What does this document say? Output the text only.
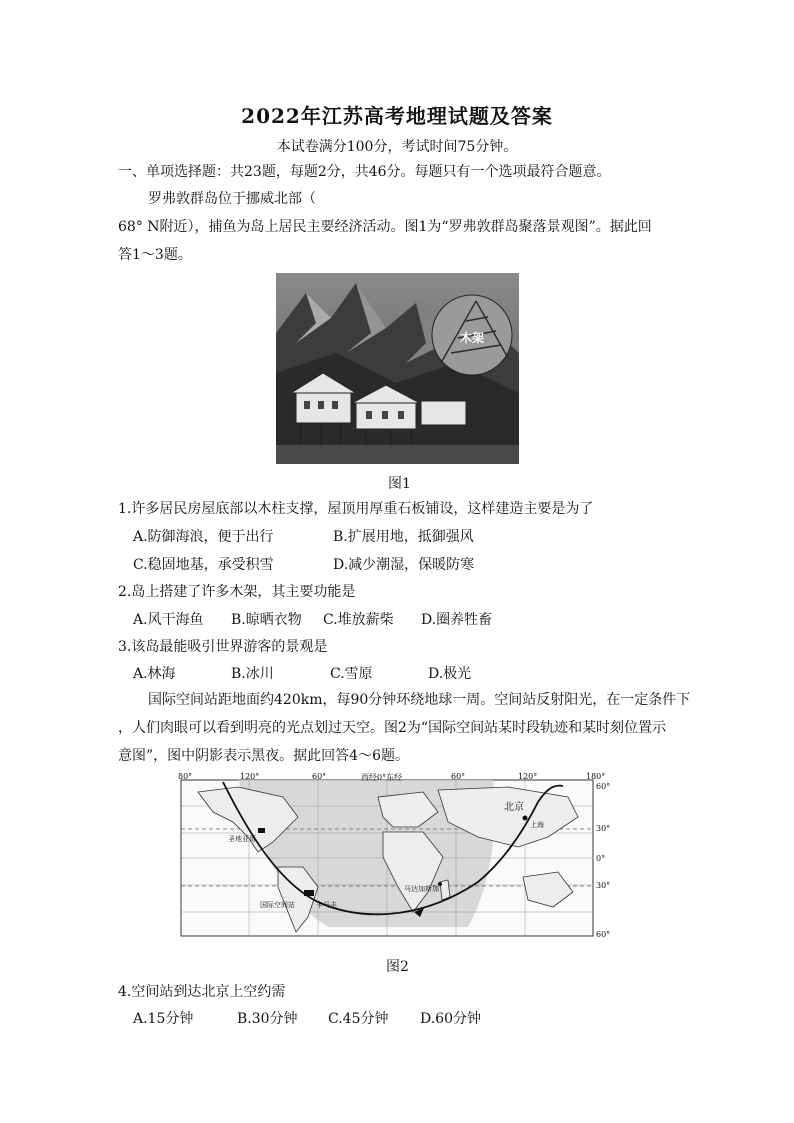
2022年江苏高考地理试题及答案
本试卷满分100分，考试时间75分钟。
一、单项选择题：共23题，每题2分，共46分。每题只有一个选项最符合题意。
罗弗敦群岛位于挪威北部（
68° N附近），捕鱼为岛上居民主要经济活动。图1为“罗弗敦群岛聚落景观图”。据此回
答1～3题。
木架
图1
1.许多居民房屋底部以木柱支撑，屋顶用厚重石板铺设，这样建造主要是为了
A.防御海浪，便于出行	B.扩展用地，抵御强风
C.稳固地基，承受积雪	D.减少潮湿，保暖防寒
2.岛上搭建了许多木架，其主要功能是
A.风干海鱼 B.晾晒衣物 C.堆放薪柴 D.圈养牲畜
3.该岛最能吸引世界游客的景观是
A.林海	B.冰川	C.雪原	D.极光
国际空间站距地面约420km，每90分钟环绕地球一周。空间站反射阳光，在一定条件下
，人们肉眼可以看到明亮的光点划过天空。图2为“国际空间站某时段轨迹和某时刻位置示
意图”，图中阴影表示黑夜。据此回答4～6题。
80°	120°	60°	西经0°东经	60°	120°	180°
60°
30°
0°
30°
60°
北京
上海
圣地亚哥
国际空间站	卡马圭
马达加斯加
图2
4.空间站到达北京上空约需
A.15分钟	B.30分钟 C.45分钟 D.60分钟
